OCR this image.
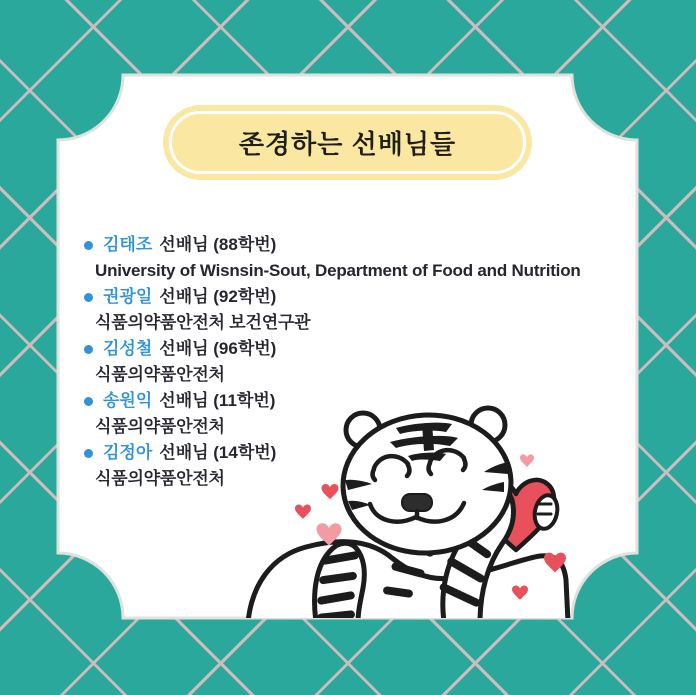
존경하는 선배님들
김태조 선배님 (88학번)
University of Wisnsin-Sout, Department of Food and Nutrition
권광일 선배님 (92학번)
식품의약품안전처 보건연구관
김성철 선배님 (96학번)
식품의약품안전처
송원익 선배님 (11학번)
식품의약품안전처
김정아 선배님 (14학번)
식품의약품안전처
